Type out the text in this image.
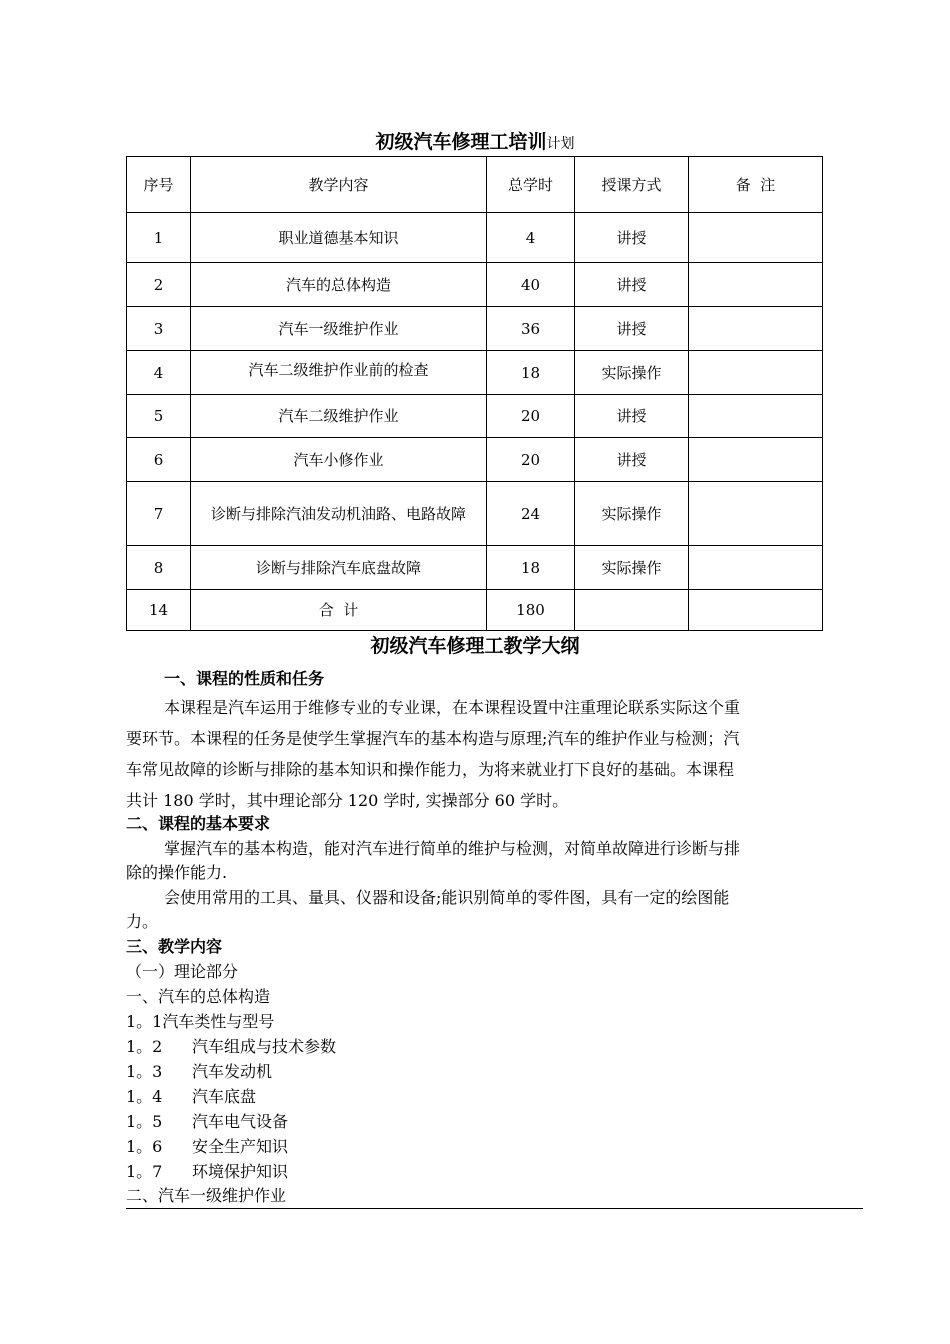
初级汽车修理工培训计划
序号	教学内容	总学时	授课方式	备  注
1	职业道德基本知识	4	讲授	
2	汽车的总体构造	40	讲授	
3	汽车一级维护作业	36	讲授	
4	汽车二级维护作业前的检查	18	实际操作	
5	汽车二级维护作业	20	讲授	
6	汽车小修作业	20	讲授	
7	诊断与排除汽油发动机油路、电路故障	24	实际操作	
8	诊断与排除汽车底盘故障	18	实际操作	
14	合  计	180		
初级汽车修理工教学大纲
一、课程的性质和任务
本课程是汽车运用于维修专业的专业课，在本课程设置中注重理论联系实际这个重
要环节。本课程的任务是使学生掌握汽车的基本构造与原理;汽车的维护作业与检测；汽
车常见故障的诊断与排除的基本知识和操作能力，为将来就业打下良好的基础。本课程
共计 180 学时，其中理论部分 120 学时, 实操部分 60 学时。
二、课程的基本要求
掌握汽车的基本构造，能对汽车进行简单的维护与检测，对简单故障进行诊断与排
除的操作能力.
会使用常用的工具、量具、仪器和设备;能识别简单的零件图，具有一定的绘图能
力。
三、教学内容
（一）理论部分
一、汽车的总体构造
1。1汽车类性与型号
1。2 汽车组成与技术参数
1。3 汽车发动机
1。4 汽车底盘
1。5 汽车电气设备
1。6 安全生产知识
1。7 环境保护知识
二、汽车一级维护作业
